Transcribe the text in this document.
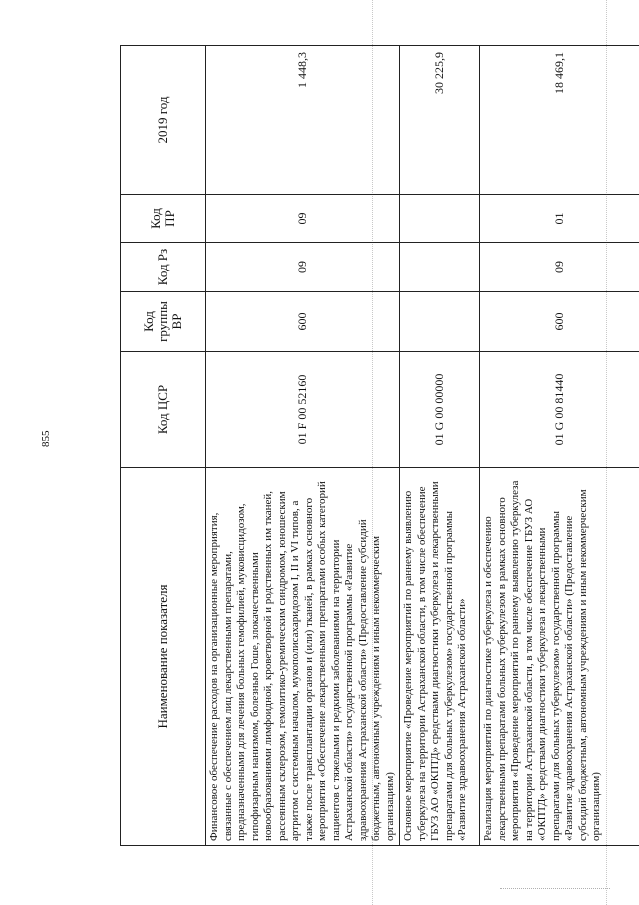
855
Наименование показателя	Код ЦСР	Код группы ВР	Код Рз	Код ПР	2019 год
Финансовое обеспечение расходов на организационные мероприятия, связанные с обеспечением лиц лекарственными препаратами, предназначенными для лечения больных гемофилией, муковисцидозом, гипофизарным нанизмом, болезнью Гоше, злокачественными новообразованиями лимфоидной, кроветворной и родственных им тканей, рассеянным склерозом, гемолитико-уремическим синдромом, юношеским артритом с системным началом, мукополисахаридозом I, II и VI типов, а также после трансплантации органов и (или) тканей, в рамках основного мероприятия «Обеспечение лекарственными препаратами особых категорий пациентов с тяжелыми и редкими заболеваниями на территории Астраханской области» государственной программы «Развитие здравоохранения Астраханской области» (Предоставление субсидий бюджетным, автономным учреждениям и иным некоммерческим организациям)	01 F 00 52160	600	09	09	1 448,3
Основное мероприятие «Проведение мероприятий по раннему выявлению туберкулеза на территории Астраханской области, в том числе обеспечение ГБУЗ АО «ОКПТД» средствами диагностики туберкулеза и лекарственными препаратами для больных туберкулезом» государственной программы «Развитие здравоохранения Астраханской области»	01 G 00 00000				30 225,9
Реализация мероприятий по диагностике туберкулеза и обеспечению лекарственными препаратами больных туберкулезом в рамках основного мероприятия «Проведение мероприятий по раннему выявлению туберкулеза на территории Астраханской области, в том числе обеспечение ГБУЗ АО «ОКПТД» средствами диагностики туберкулеза и лекарственными препаратами для больных туберкулезом» государственной программы «Развитие здравоохранения Астраханской области» (Предоставление субсидий бюджетным, автономным учреждениям и иным некоммерческим организациям)	01 G 00 81440	600	09	01	18 469,1
